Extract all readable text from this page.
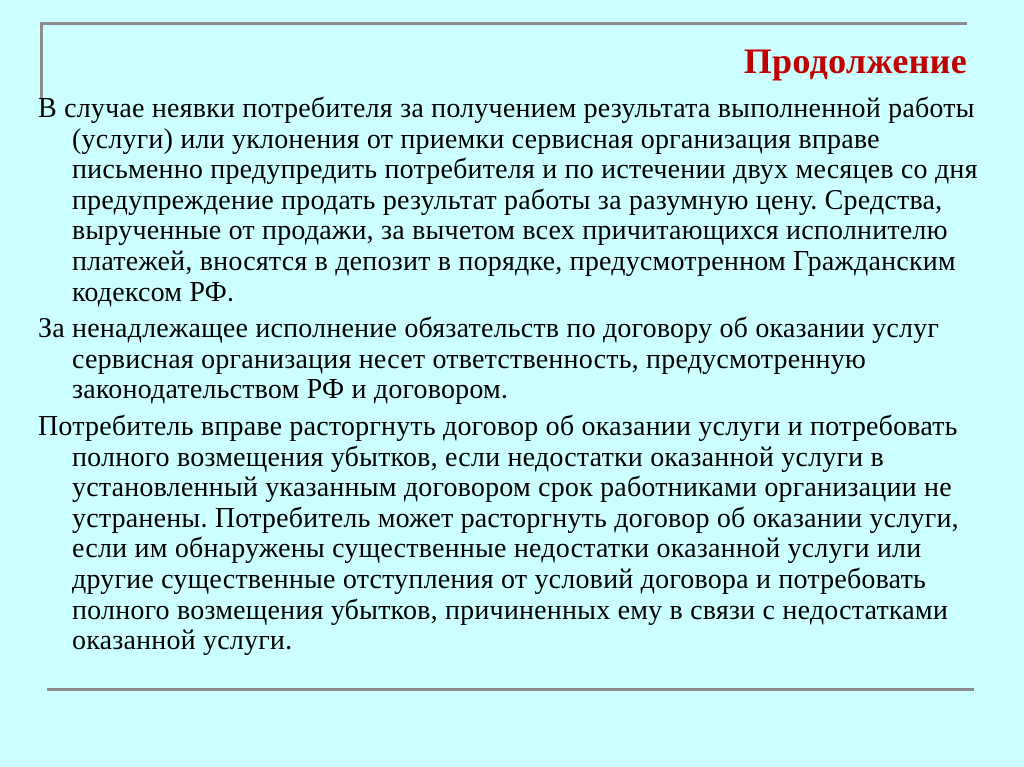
Продолжение

В случае неявки потребителя за получением результата выполненной работы (услуги) или уклонения от приемки сервисная организация вправе письменно предупредить потребителя и по истечении двух месяцев со дня предупреждение продать результат работы за разумную цену. Средства, вырученные от продажи, за вычетом всех причитающихся исполнителю платежей, вносятся в депозит в порядке, предусмотренном Гражданским кодексом РФ.

За ненадлежащее исполнение обязательств по договору об оказании услуг сервисная организация несет ответственность, предусмотренную законодательством РФ и договором.

Потребитель вправе расторгнуть договор об оказании услуги и потребовать полного возмещения убытков, если недостатки оказанной услуги в установленный указанным договором срок работниками организации не устранены. Потребитель может расторгнуть договор об оказании услуги, если им обнаружены существенные недостатки оказанной услуги или другие существенные отступления от условий договора и потребовать полного возмещения убытков, причиненных ему в связи с недостатками оказанной услуги.
